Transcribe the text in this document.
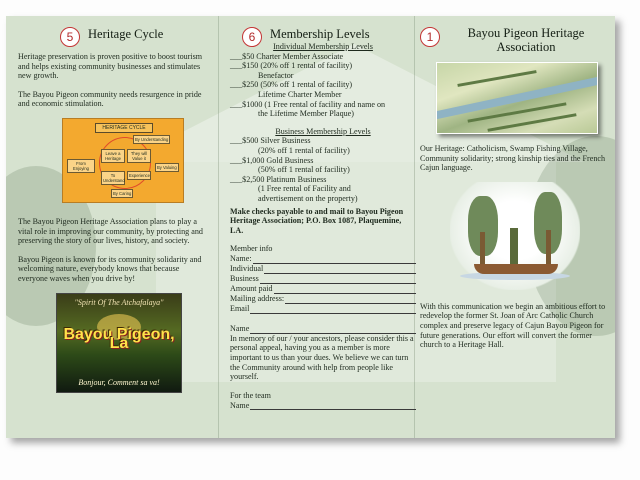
5	Heritage Cycle

Heritage preservation is proven positive to boost tourism and helps existing community businesses and stimulates new growth.

The Bayou Pigeon community needs resurgence in pride and economic stimulation.

HERITAGE CYCLE
By Understanding
Leave a Heritage
They will Value it
By Valuing
From Enjoying
By Caring
To Understand
Experience

The Bayou Pigeon Heritage Association plans to play a vital role in improving our community, by protecting and preserving the story of our lives, history, and society.

Bayou Pigeon is known for its community solidarity and welcoming nature, everybody knows that because everyone waves when you drive by!

"Spirit Of The Atchafalaya"
Bayou Pigeon, La
Bonjour, Comment sa va!
6	Membership Levels
Individual Membership Levels
___$50 Charter Member Associate
___$150 (20% off 1 rental of facility)
Benefactor
___$250 (50% off 1 rental of facility)
Lifetime Charter Member
___$1000 (1 Free rental of facility and name on
the Lifetime Member Plaque)
Business Membership Levels
___$500 Silver Business
(20% off 1 rental of facility)
___$1,000 Gold Business
(50% off 1 rental of facility)
___$2,500 Platinum Business
(1 Free rental of Facility and
advertisement on the property)

Make checks payable to and mail to Bayou Pigeon Heritage Association; P.O. Box 1087, Plaquemine, LA.

Member info
Name:
Individual
Business
Amount paid
Mailing address:
Email
Name

In memory of our / your ancestors, please consider this a personal appeal, having you as a member is more important to us than your dues. We believe we can turn the Community around with help from people like yourself.

For the team
Name
1	Bayou Pigeon Heritage Association

Our Heritage: Catholicism, Swamp Fishing Village, Community solidarity; strong kinship ties and the French Cajun language.

With this communication we begin an ambitious effort to redevelop the former St. Joan of Arc Catholic Church complex and preserve legacy of Cajun Bayou Pigeon for future generations. Our effort will convert the former church to a Heritage Hall.
